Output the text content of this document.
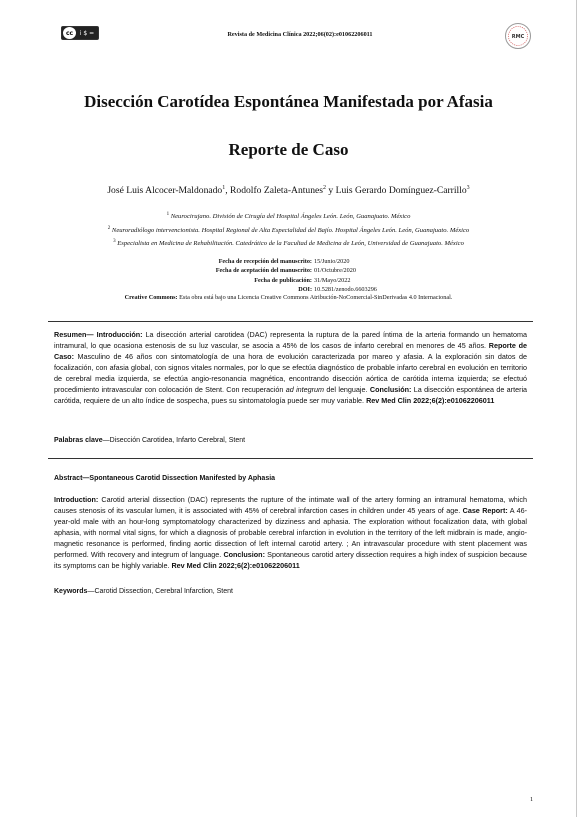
cc	i $ =	Revista de Medicina Clínica 2022;06(02):e01062206011	RMC
Disección Carotídea Espontánea Manifestada por Afasia
Reporte de Caso
José Luis Alcocer-Maldonado$^1$, Rodolfo Zaleta-Antunes$^2$ y Luis Gerardo Domínguez-Carrillo$^3$
$^1$ Neurocirujano. División de Cirugía del Hospital Ángeles León. León, Guanajuato. México
$^2$ Neuroradiólogo intervencionista. Hospital Regional de Alta Especialidad del Bajío. Hospital Ángeles León. León, Guanajuato. México
$^3$ Especialista en Medicina de Rehabilitación. Catedrático de la Facultad de Medicina de León, Universidad de Guanajuato. México
Fecha de recepción del manuscrito: 15/Junio/2020
Fecha de aceptación del manuscrito: 01/Octubre/2020
Fecha de publicación: 31/Mayo/2022
DOI: 10.5281/zenodo.6603296
Creative Commons: Esta obra está bajo una Licencia Creative Commons Atribución-NoComercial-SinDerivadas 4.0 Internacional.
Resumen— Introducción: La disección arterial carotidea (DAC) representa la ruptura de la pared íntima de la arteria formando un hematoma intramural, lo que ocasiona estenosis de su luz vascular, se asocia a 45% de los casos de infarto cerebral en menores de 45 años. Reporte de Caso: Masculino de 46 años con sintomatología de una hora de evolución caracterizada por mareo y afasia. A la exploración sin datos de focalización, con afasia global, con signos vitales normales, por lo que se efectúa diagnóstico de probable infarto cerebral en evolución en territorio de cerebral media izquierda, se efectúa angio-resonancia magnética, encontrando disección aórtica de carótida interna izquierda; se efectuó procedimiento intravascular con colocación de Stent. Con recuperación ad integrum del lenguaje. Conclusión: La disección espontánea de arteria carótida, requiere de un alto índice de sospecha, pues su sintomatología puede ser muy variable. Rev Med Clin 2022;6(2):e01062206011
Palabras clave—Disección Carotidea, Infarto Cerebral, Stent
Abstract—Spontaneous Carotid Dissection Manifested by Aphasia
Introduction: Carotid arterial dissection (DAC) represents the rupture of the intimate wall of the artery forming an intramural hematoma, which causes stenosis of its vascular lumen, it is associated with 45% of cerebral infarction cases in children under 45 years of age. Case Report: A 46-year-old male with an hour-long symptomatology characterized by dizziness and aphasia. The exploration without focalization data, with global aphasia, with normal vital signs, for which a diagnosis of probable cerebral infarction in evolution in the territory of the left midbrain is made, angio-magnetic resonance is performed, finding aortic dissection of left internal carotid artery. ; An intravascular procedure with stent placement was performed. With recovery and integrum of language. Conclusion: Spontaneous carotid artery dissection requires a high index of suspicion because its symptoms can be highly variable. Rev Med Clin 2022;6(2):e01062206011
Keywords—Carotid Dissection, Cerebral Infarction, Stent
1
